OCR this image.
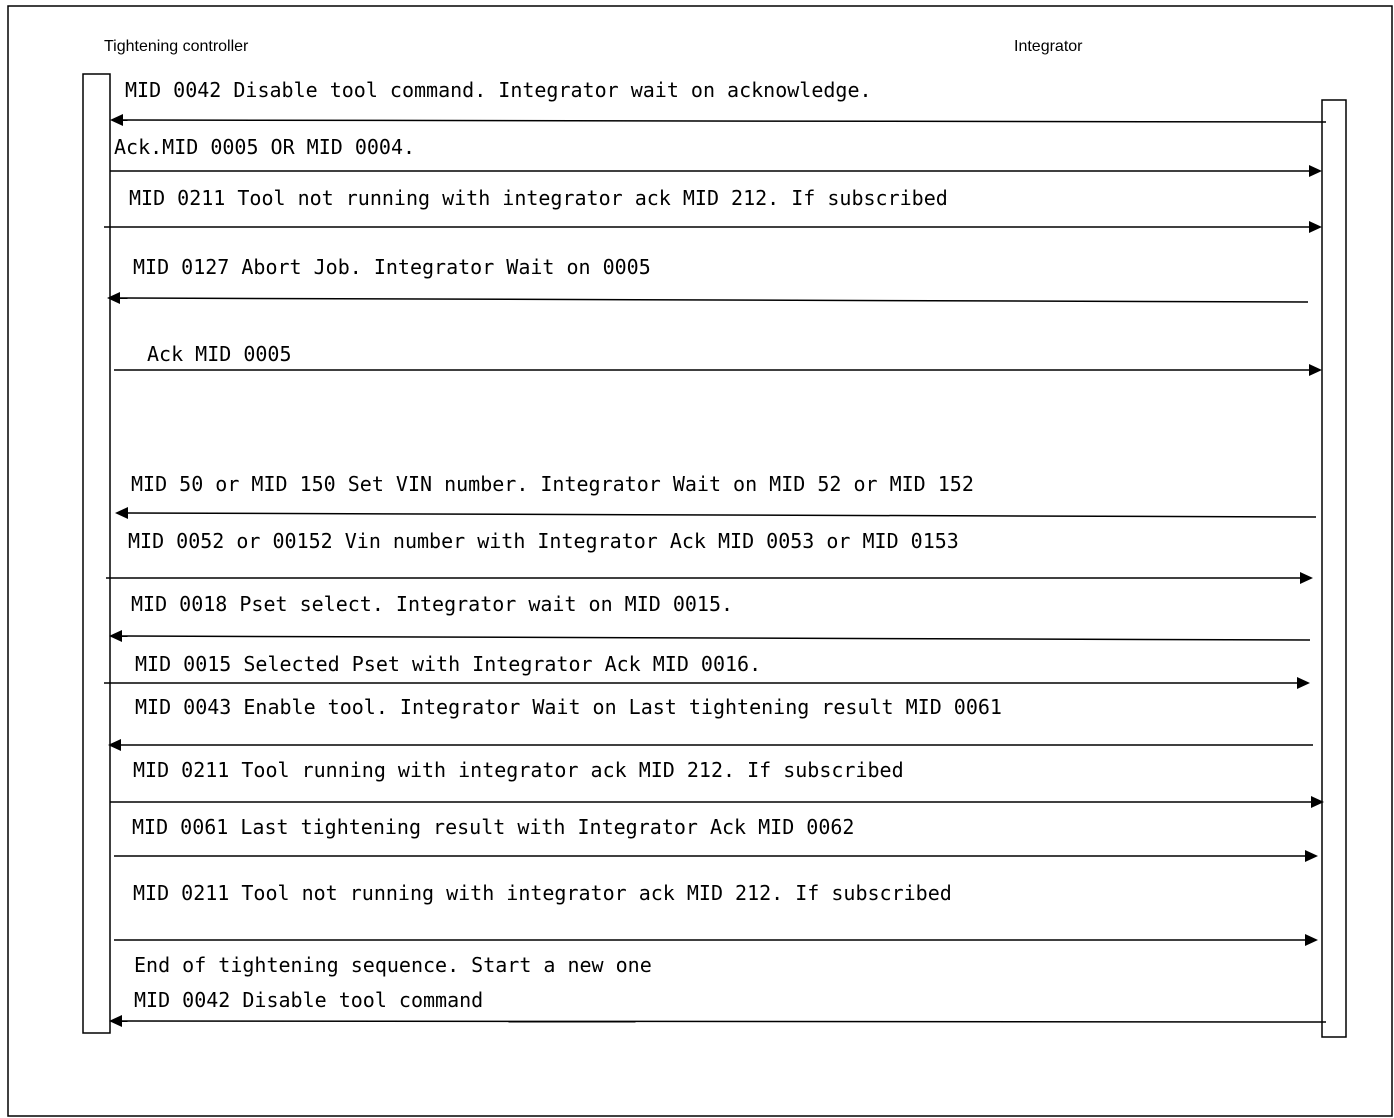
Tightening controller	Integrator
MID 0042 Disable tool command. Integrator wait on acknowledge.
Ack.MID 0005 OR MID 0004.
MID 0211 Tool not running with integrator ack MID 212. If subscribed
MID 0127 Abort Job. Integrator Wait on 0005
Ack MID 0005
MID 50 or MID 150 Set VIN number. Integrator Wait on MID 52 or MID 152
MID 0052 or 00152 Vin number with Integrator Ack MID 0053 or MID 0153
MID 0018 Pset select. Integrator wait on MID 0015.
MID 0015 Selected Pset with Integrator Ack MID 0016.
MID 0043 Enable tool. Integrator Wait on Last tightening result MID 0061
MID 0211 Tool running with integrator ack MID 212. If subscribed
MID 0061 Last tightening result with Integrator Ack MID 0062
MID 0211 Tool not running with integrator ack MID 212. If subscribed
End of tightening sequence. Start a new one
MID 0042 Disable tool command
